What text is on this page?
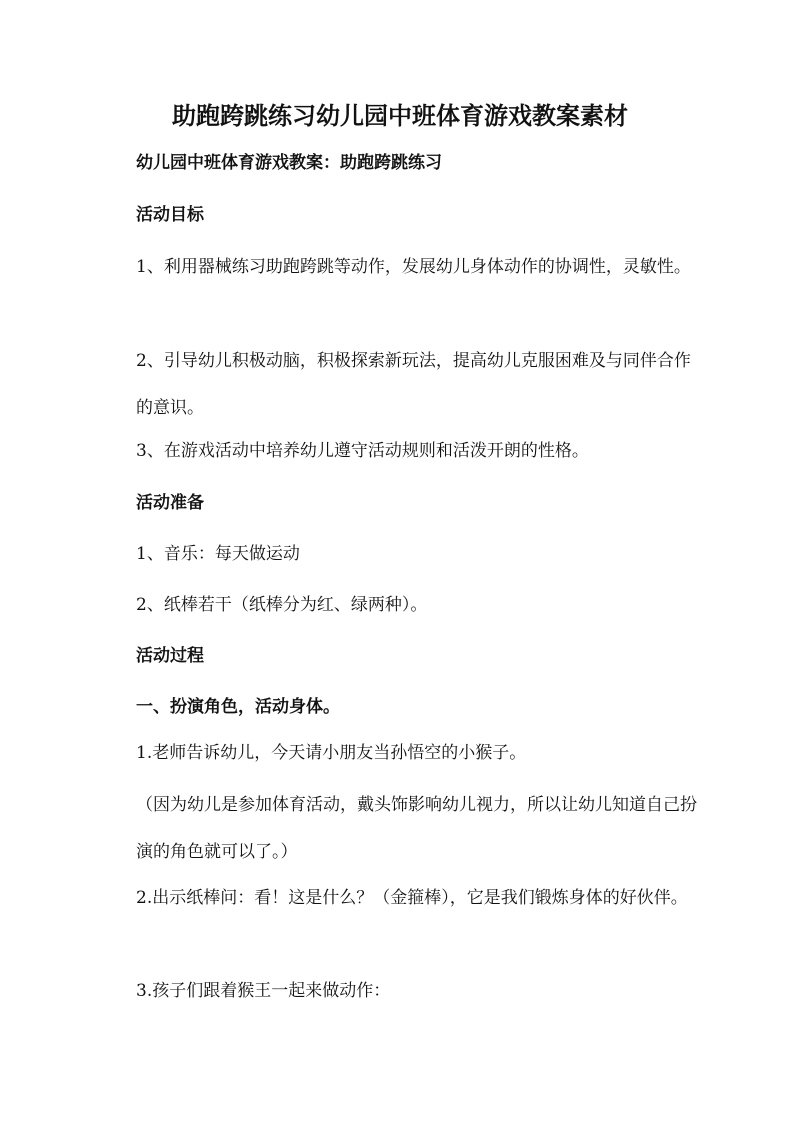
助跑跨跳练习幼儿园中班体育游戏教案素材

幼儿园中班体育游戏教案：助跑跨跳练习

活动目标

1、利用器械练习助跑跨跳等动作，发展幼儿身体动作的协调性，灵敏性。

2、引导幼儿积极动脑，积极探索新玩法，提高幼儿克服困难及与同伴合作的意识。

3、在游戏活动中培养幼儿遵守活动规则和活泼开朗的性格。

活动准备

1、音乐：每天做运动

2、纸棒若干（纸棒分为红、绿两种）。

活动过程

一、扮演角色，活动身体。

1.老师告诉幼儿，今天请小朋友当孙悟空的小猴子。

（因为幼儿是参加体育活动，戴头饰影响幼儿视力，所以让幼儿知道自己扮演的角色就可以了。）

2.出示纸棒问：看！这是什么？（金箍棒），它是我们锻炼身体的好伙伴。

3.孩子们跟着猴王一起来做动作：
